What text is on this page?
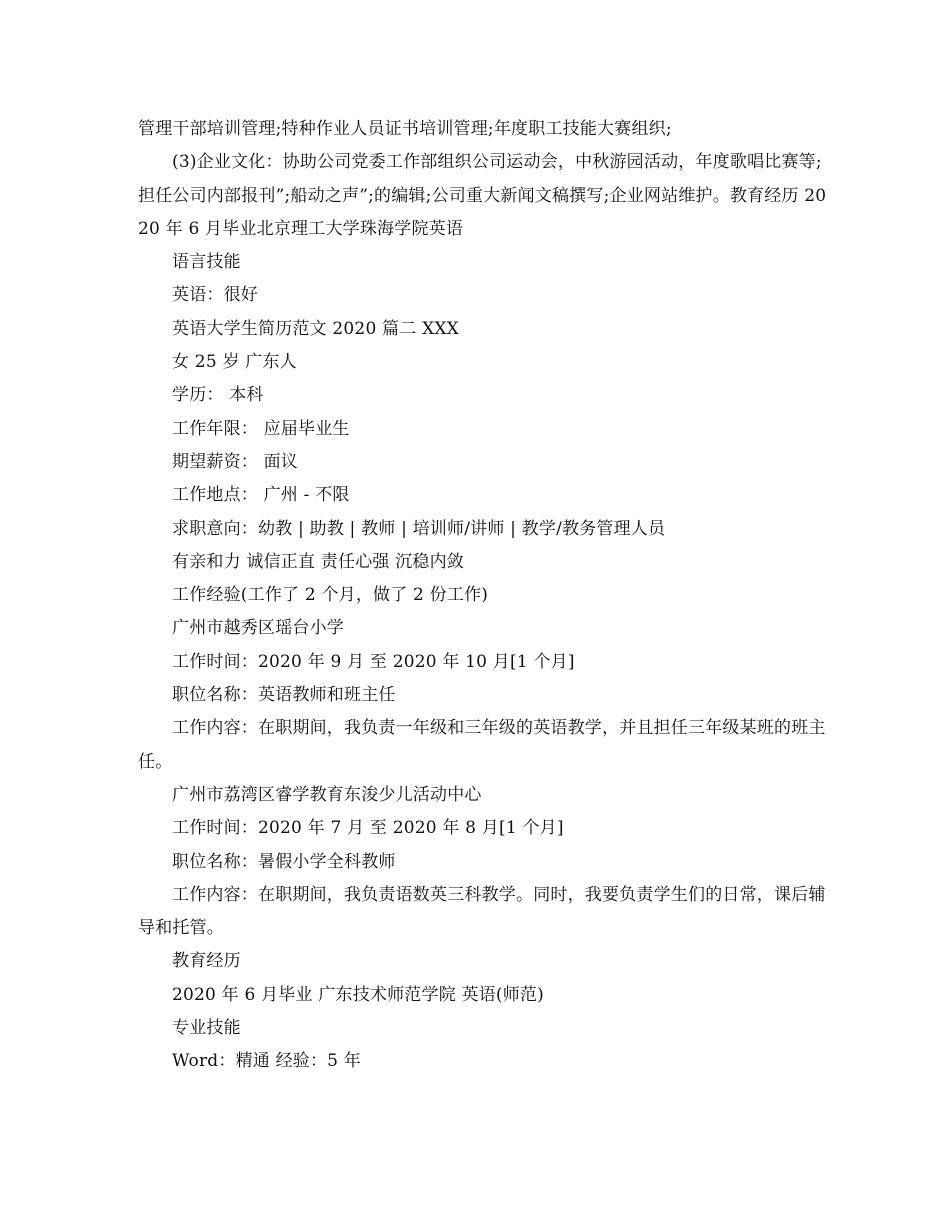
管理干部培训管理;特种作业人员证书培训管理;年度职工技能大赛组织;

(3)企业文化：协助公司党委工作部组织公司运动会，中秋游园活动，年度歌唱比赛等;担任公司内部报刊”;船动之声”;的编辑;公司重大新闻文稿撰写;企业网站维护。教育经历 2020 年 6 月毕业北京理工大学珠海学院英语

语言技能

英语：很好

英语大学生简历范文 2020 篇二 XXX

女 25 岁 广东人

学历： 本科

工作年限： 应届毕业生

期望薪资： 面议

工作地点： 广州 - 不限

求职意向：幼教 | 助教 | 教师 | 培训师/讲师 | 教学/教务管理人员

有亲和力 诚信正直 责任心强 沉稳内敛

工作经验(工作了 2 个月，做了 2 份工作)

广州市越秀区瑶台小学

工作时间：2020 年 9 月 至 2020 年 10 月[1 个月]

职位名称：英语教师和班主任

工作内容：在职期间，我负责一年级和三年级的英语教学，并且担任三年级某班的班主任。

广州市荔湾区睿学教育东浚少儿活动中心

工作时间：2020 年 7 月 至 2020 年 8 月[1 个月]

职位名称：暑假小学全科教师

工作内容：在职期间，我负责语数英三科教学。同时，我要负责学生们的日常，课后辅导和托管。

教育经历

2020 年 6 月毕业 广东技术师范学院 英语(师范)

专业技能

Word：精通 经验：5 年
